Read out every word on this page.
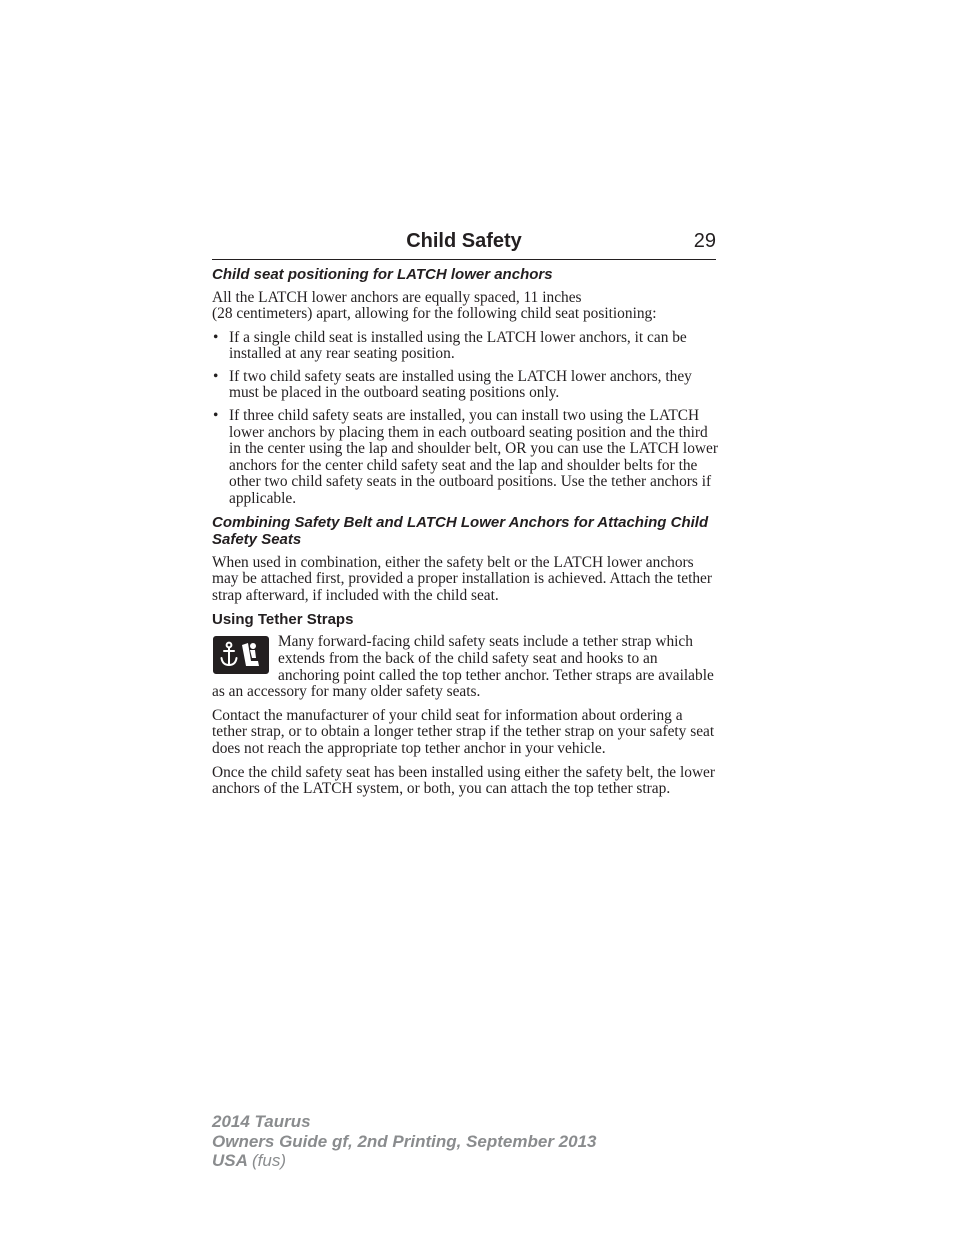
Child Safety	29
Child seat positioning for LATCH lower anchors

All the LATCH lower anchors are equally spaced, 11 inches
(28 centimeters) apart, allowing for the following child seat positioning:

• If a single child seat is installed using the LATCH lower anchors, it can be installed at any rear seating position.
• If two child safety seats are installed using the LATCH lower anchors, they must be placed in the outboard seating positions only.
• If three child safety seats are installed, you can install two using the LATCH lower anchors by placing them in each outboard seating position and the third in the center using the lap and shoulder belt, OR you can use the LATCH lower anchors for the center child safety seat and the lap and shoulder belts for the other two child safety seats in the outboard positions. Use the tether anchors if applicable.
Combining Safety Belt and LATCH Lower Anchors for Attaching Child Safety Seats

When used in combination, either the safety belt or the LATCH lower anchors may be attached first, provided a proper installation is achieved. Attach the tether strap afterward, if included with the child seat.

Using Tether Straps

Many forward-facing child safety seats include a tether strap which extends from the back of the child safety seat and hooks to an anchoring point called the top tether anchor. Tether straps are available as an accessory for many older safety seats.

Contact the manufacturer of your child seat for information about ordering a tether strap, or to obtain a longer tether strap if the tether strap on your safety seat does not reach the appropriate top tether anchor in your vehicle.

Once the child safety seat has been installed using either the safety belt, the lower anchors of the LATCH system, or both, you can attach the top tether strap.

2014 Taurus
Owners Guide gf, 2nd Printing, September 2013
USA (fus)
